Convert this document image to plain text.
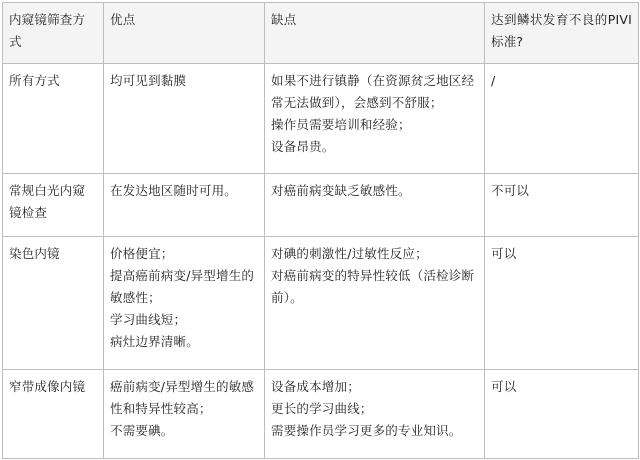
内窥镜筛查方式	优点	缺点	达到鳞状发育不良的PIVI标准?

所有方式	均可见到黏膜	如果不进行镇静（在资源贫乏地区经常无法做到），会感到不舒服；
操作员需要培训和经验；
设备昂贵。	/

常规白光内窥镜检查	在发达地区随时可用。	对癌前病变缺乏敏感性。	不可以

染色内镜	价格便宜；
提高癌前病变/异型增生的敏感性；
学习曲线短；
病灶边界清晰。	对碘的刺激性/过敏性反应；
对癌前病变的特异性较低（活检诊断前）。	可以

窄带成像内镜	癌前病变/异型增生的敏感性和特异性较高；
不需要碘。	设备成本增加；
更长的学习曲线；
需要操作员学习更多的专业知识。	可以
